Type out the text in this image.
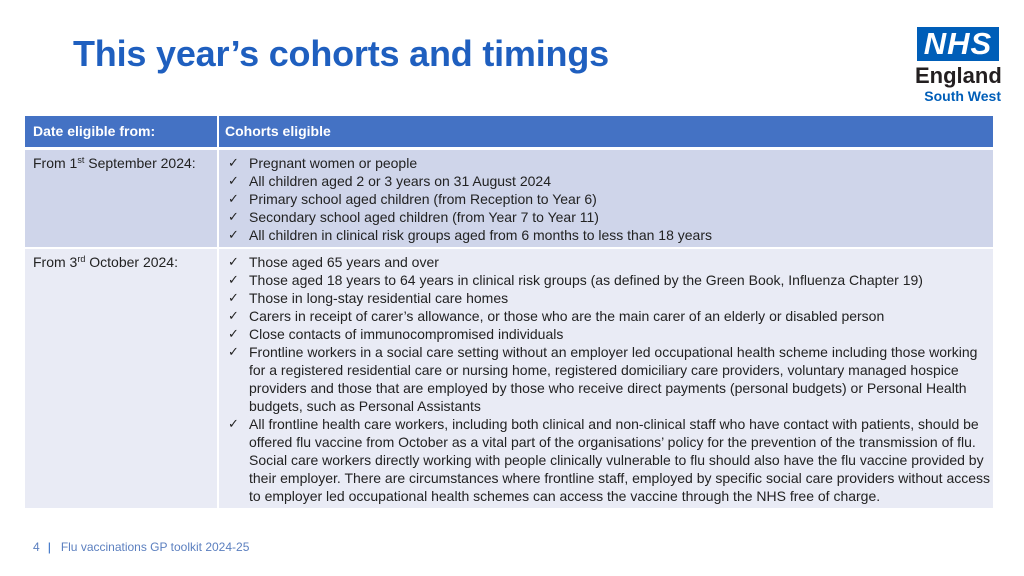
This year’s cohorts and timings	NHS
England
South West
Date eligible from:	Cohorts eligible
From 1st September 2024:	✓ Pregnant women or people
✓ All children aged 2 or 3 years on 31 August 2024
✓ Primary school aged children (from Reception to Year 6)
✓ Secondary school aged children (from Year 7 to Year 11)
✓ All children in clinical risk groups aged from 6 months to less than 18 years
From 3rd October 2024:	✓ Those aged 65 years and over
✓ Those aged 18 years to 64 years in clinical risk groups (as defined by the Green Book, Influenza Chapter 19)
✓ Those in long-stay residential care homes
✓ Carers in receipt of carer’s allowance, or those who are the main carer of an elderly or disabled person
✓ Close contacts of immunocompromised individuals
✓ Frontline workers in a social care setting without an employer led occupational health scheme including those working for a registered residential care or nursing home, registered domiciliary care providers, voluntary managed hospice providers and those that are employed by those who receive direct payments (personal budgets) or Personal Health budgets, such as Personal Assistants
✓ All frontline health care workers, including both clinical and non-clinical staff who have contact with patients, should be offered flu vaccine from October as a vital part of the organisations’ policy for the prevention of the transmission of flu. Social care workers directly working with people clinically vulnerable to flu should also have the flu vaccine provided by their employer. There are circumstances where frontline staff, employed by specific social care providers without access to employer led occupational health schemes can access the vaccine through the NHS free of charge.
4 | Flu vaccinations GP toolkit 2024-25
